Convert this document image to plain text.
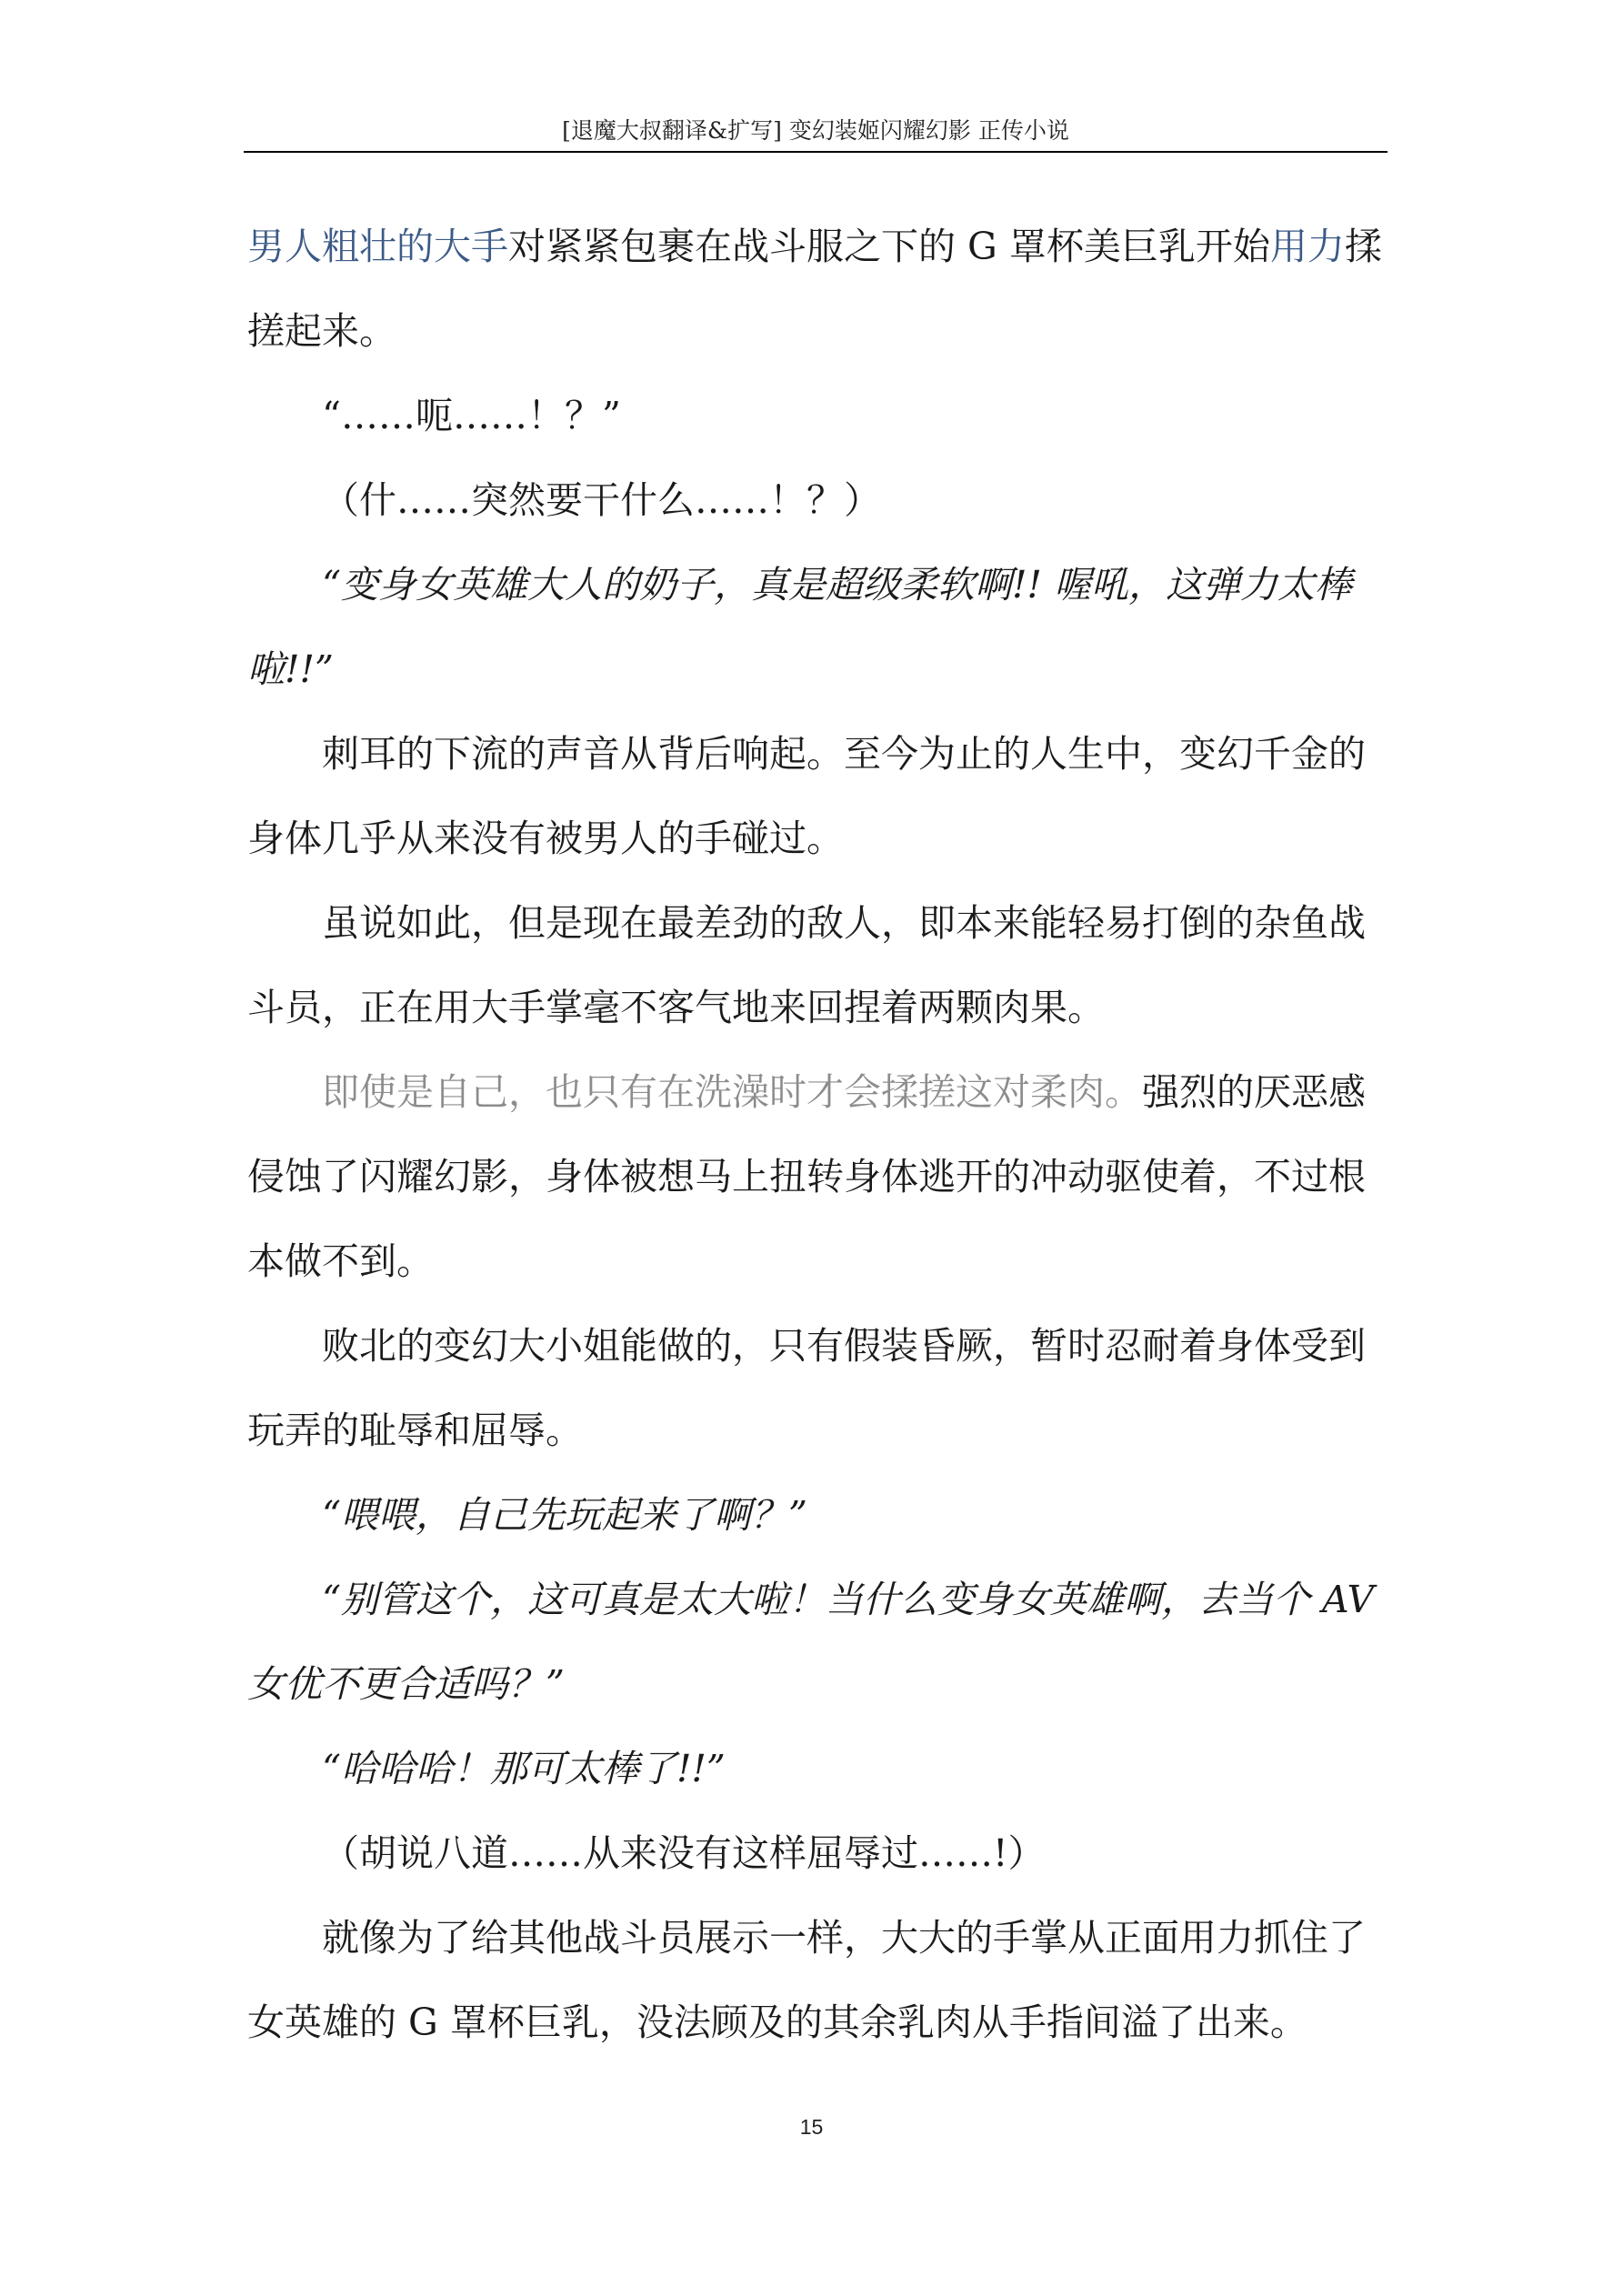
[退魔大叔翻译&扩写] 变幻装姬闪耀幻影 正传小说

男人粗壮的大手对紧紧包裹在战斗服之下的 G 罩杯美巨乳开始用力揉搓起来。

“……呃……！？”

（什……突然要干什么……！？）

“变身女英雄大人的奶子，真是超级柔软啊!! 喔吼，这弹力太棒啦!!”

刺耳的下流的声音从背后响起。至今为止的人生中，变幻千金的身体几乎从来没有被男人的手碰过。

虽说如此，但是现在最差劲的敌人，即本来能轻易打倒的杂鱼战斗员，正在用大手掌毫不客气地来回捏着两颗肉果。

即使是自己，也只有在洗澡时才会揉搓这对柔肉。强烈的厌恶感侵蚀了闪耀幻影，身体被想马上扭转身体逃开的冲动驱使着，不过根本做不到。

败北的变幻大小姐能做的，只有假装昏厥，暂时忍耐着身体受到玩弄的耻辱和屈辱。

“喂喂，自己先玩起来了啊？”

“别管这个，这可真是太大啦！当什么变身女英雄啊，去当个 AV 女优不更合适吗？”

“哈哈哈！那可太棒了!!”

（胡说八道……从来没有这样屈辱过……!）

就像为了给其他战斗员展示一样，大大的手掌从正面用力抓住了女英雄的 G 罩杯巨乳，没法顾及的其余乳肉从手指间溢了出来。

15
